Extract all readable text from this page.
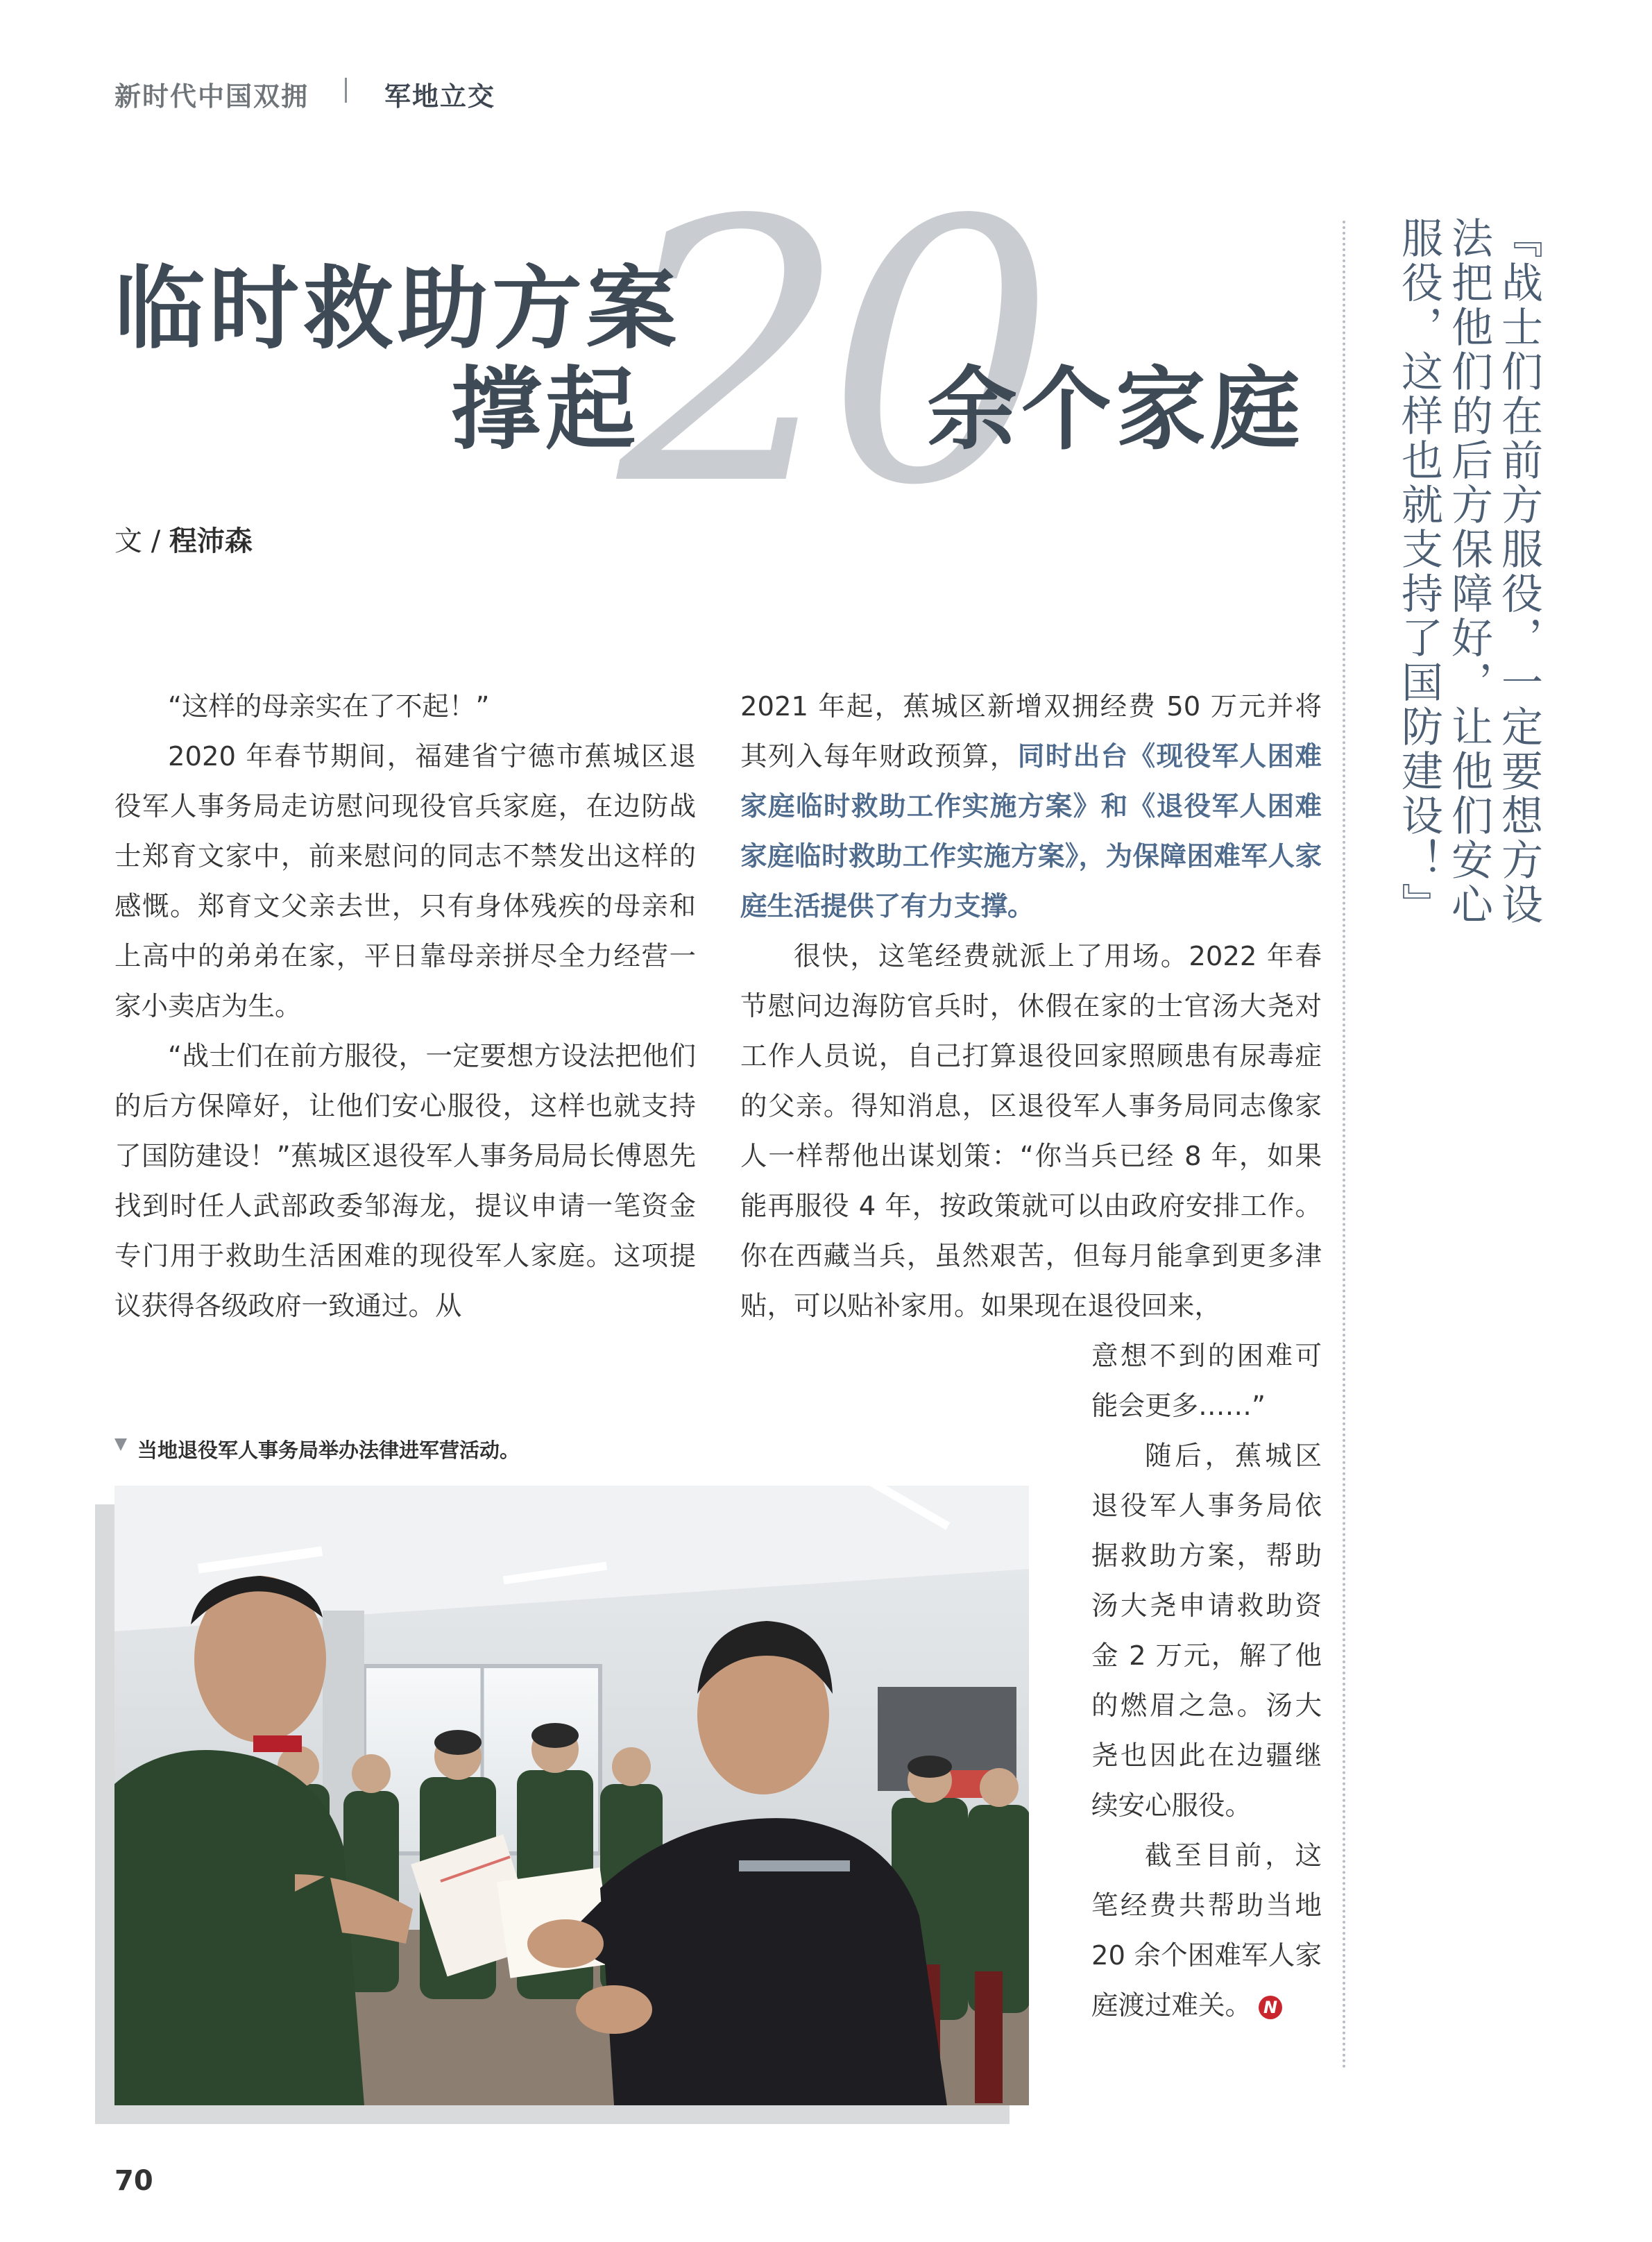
新时代中国双拥	军地立交
20
临时救助方案
撑起	余个家庭
文 / 程沛森
『战士们在前方服役，一定要想方设法把他们的后方保障好，让他们安心服役，这样也就支持了国防建设！』

“这样的母亲实在了不起！”

2020 年春节期间，福建省宁德市蕉城区退役军人事务局走访慰问现役官兵家庭，在边防战士郑育文家中，前来慰问的同志不禁发出这样的感慨。郑育文父亲去世，只有身体残疾的母亲和上高中的弟弟在家，平日靠母亲拼尽全力经营一家小卖店为生。

“战士们在前方服役，一定要想方设法把他们的后方保障好，让他们安心服役，这样也就支持了国防建设！”蕉城区退役军人事务局局长傅恩先找到时任人武部政委邹海龙，提议申请一笔资金专门用于救助生活困难的现役军人家庭。这项提议获得各级政府一致通过。从

2021 年起，蕉城区新增双拥经费 50 万元并将其列入每年财政预算，同时出台《现役军人困难家庭临时救助工作实施方案》和《退役军人困难家庭临时救助工作实施方案》，为保障困难军人家庭生活提供了有力支撑。

很快，这笔经费就派上了用场。2022 年春节慰问边海防官兵时，休假在家的士官汤大尧对工作人员说，自己打算退役回家照顾患有尿毒症的父亲。得知消息，区退役军人事务局同志像家人一样帮他出谋划策：“你当兵已经 8 年，如果能再服役 4 年，按政策就可以由政府安排工作。你在西藏当兵，虽然艰苦，但每月能拿到更多津贴，可以贴补家用。如果现在退役回来，

意想不到的困难可能会更多……”

随后，蕉城区退役军人事务局依据救助方案，帮助汤大尧申请救助资金 2 万元，解了他的燃眉之急。汤大尧也因此在边疆继续安心服役。

截至目前，这笔经费共帮助当地 20 余个困难军人家庭渡过难关。 N

当地退役军人事务局举办法律进军营活动。
70
